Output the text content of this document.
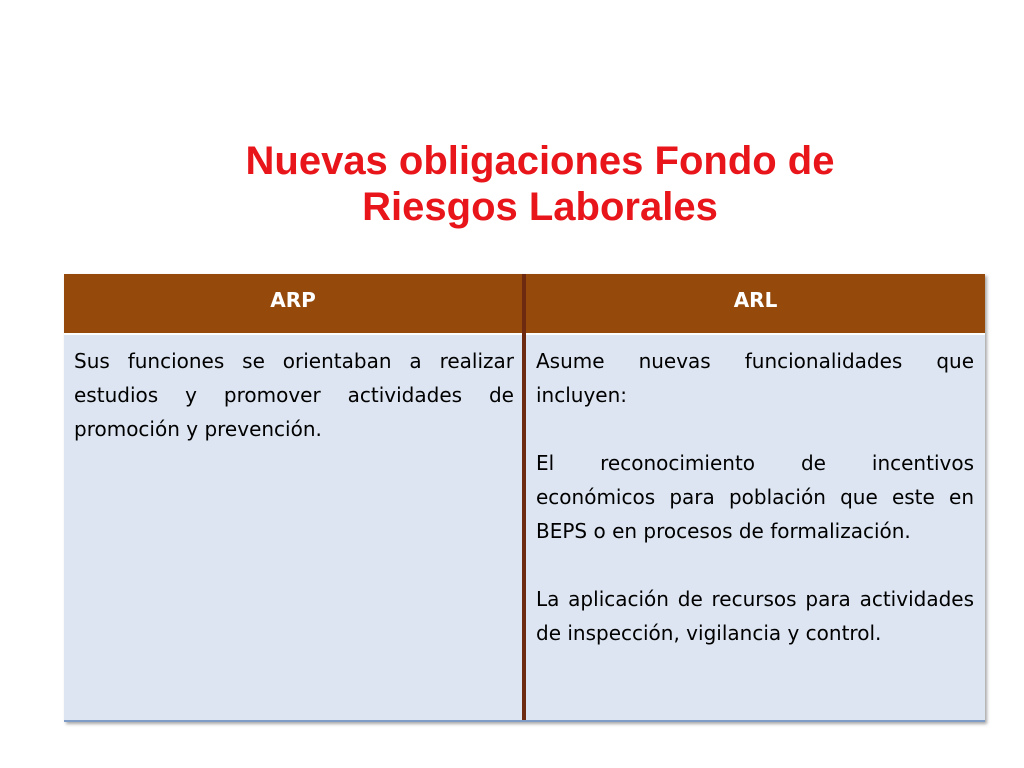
Nuevas obligaciones Fondo de
Riesgos Laborales
ARP	ARL

Sus funciones se orientaban a realizar estudios y promover actividades de promoción y prevención.

Asume nuevas funcionalidades que incluyen:

El reconocimiento de incentivos económicos para población que este en BEPS o en procesos de formalización.

La aplicación de recursos para actividades de inspección, vigilancia y control.
